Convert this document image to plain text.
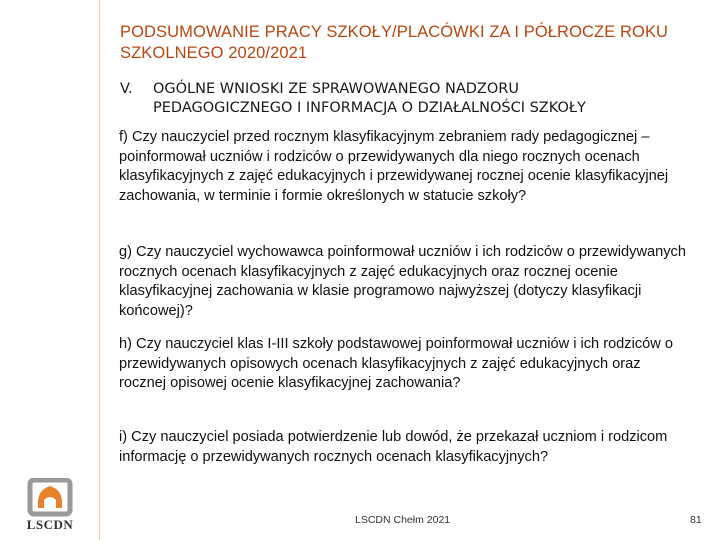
PODSUMOWANIE PRACY SZKOŁY/PLACÓWKI ZA I PÓŁROCZE ROKU SZKOLNEGO 2020/2021
V. OGÓLNE WNIOSKI ZE SPRAWOWANEGO NADZORU
PEDAGOGICZNEGO I INFORMACJA O DZIAŁALNOŚCI SZKOŁY
f) Czy nauczyciel przed rocznym klasyfikacyjnym zebraniem rady pedagogicznej – poinformował uczniów i rodziców o przewidywanych dla niego rocznych ocenach klasyfikacyjnych z zajęć edukacyjnych i przewidywanej rocznej ocenie klasyfikacyjnej zachowania, w terminie i formie określonych w statucie szkoły?
g) Czy nauczyciel wychowawca poinformował uczniów i ich rodziców o przewidywanych rocznych ocenach klasyfikacyjnych z zajęć edukacyjnych oraz rocznej ocenie klasyfikacyjnej zachowania w klasie programowo najwyższej (dotyczy klasyfikacji końcowej)?
h) Czy nauczyciel klas I-III szkoły podstawowej poinformował uczniów i ich rodziców o przewidywanych opisowych ocenach klasyfikacyjnych z zajęć edukacyjnych oraz rocznej opisowej ocenie klasyfikacyjnej zachowania?
i) Czy nauczyciel posiada potwierdzenie lub dowód, że przekazał uczniom i rodzicom informację o przewidywanych rocznych ocenach klasyfikacyjnych?
LSCDN	LSCDN Chełm 2021	81
